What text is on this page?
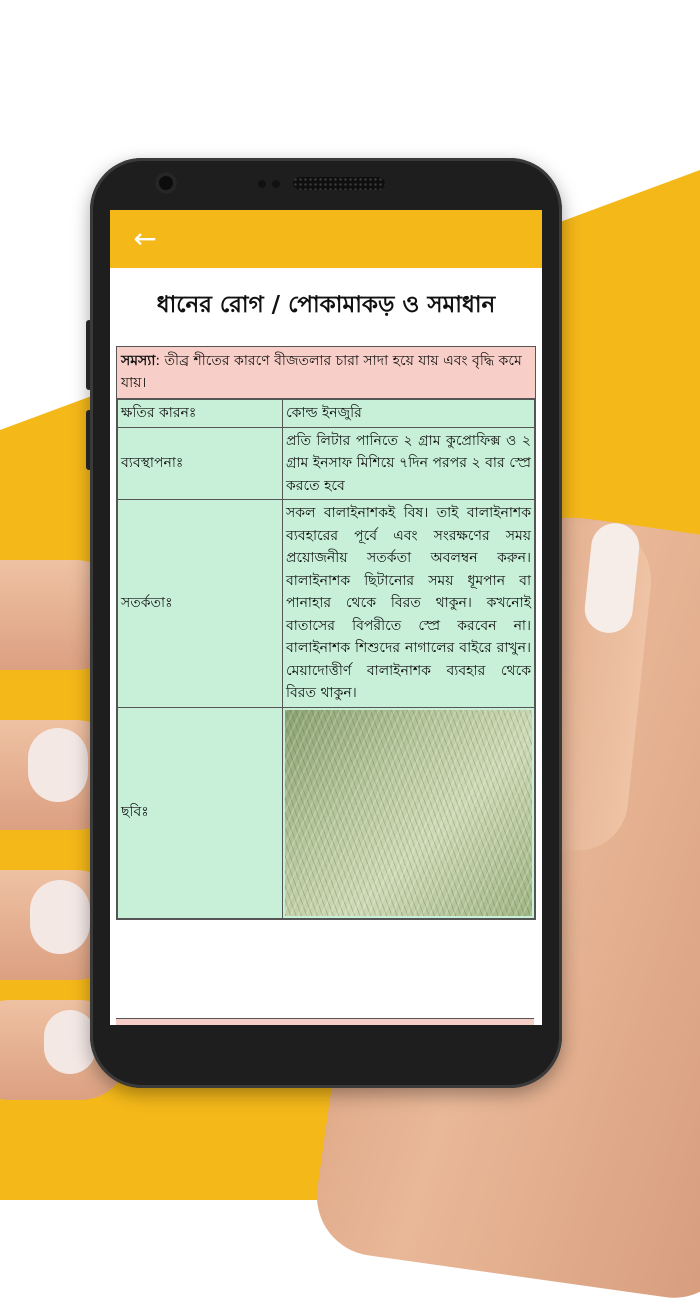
←
ধানের রোগ / পোকামাকড় ও সমাধান
সমস্যা: তীব্র শীতের কারণে বীজতলার চারা সাদা হয়ে যায় এবং বৃদ্ধি কমে যায়।
ক্ষতির কারনঃ	কোল্ড ইনজুরি
ব্যবস্থাপনাঃ	প্রতি লিটার পানিতে ২ গ্রাম কুপ্রোফিক্স ও ২ গ্রাম ইনসাফ মিশিয়ে ৭দিন পরপর ২ বার স্প্রে করতে হবে
সতর্কতাঃ	সকল বালাইনাশকই বিষ। তাই বালাইনাশক ব্যবহারের পূর্বে এবং সংরক্ষণের সময় প্রয়োজনীয় সতর্কতা অবলম্বন করুন। বালাইনাশক ছিটানোর সময় ধূমপান বা পানাহার থেকে বিরত থাকুন। কখনোই বাতাসের বিপরীতে স্প্রে করবেন না।বালাইনাশক শিশুদের নাগালের বাইরে রাখুন। মেয়াদোত্তীর্ণ বালাইনাশক ব্যবহার থেকে বিরত থাকুন।
ছবিঃ	
